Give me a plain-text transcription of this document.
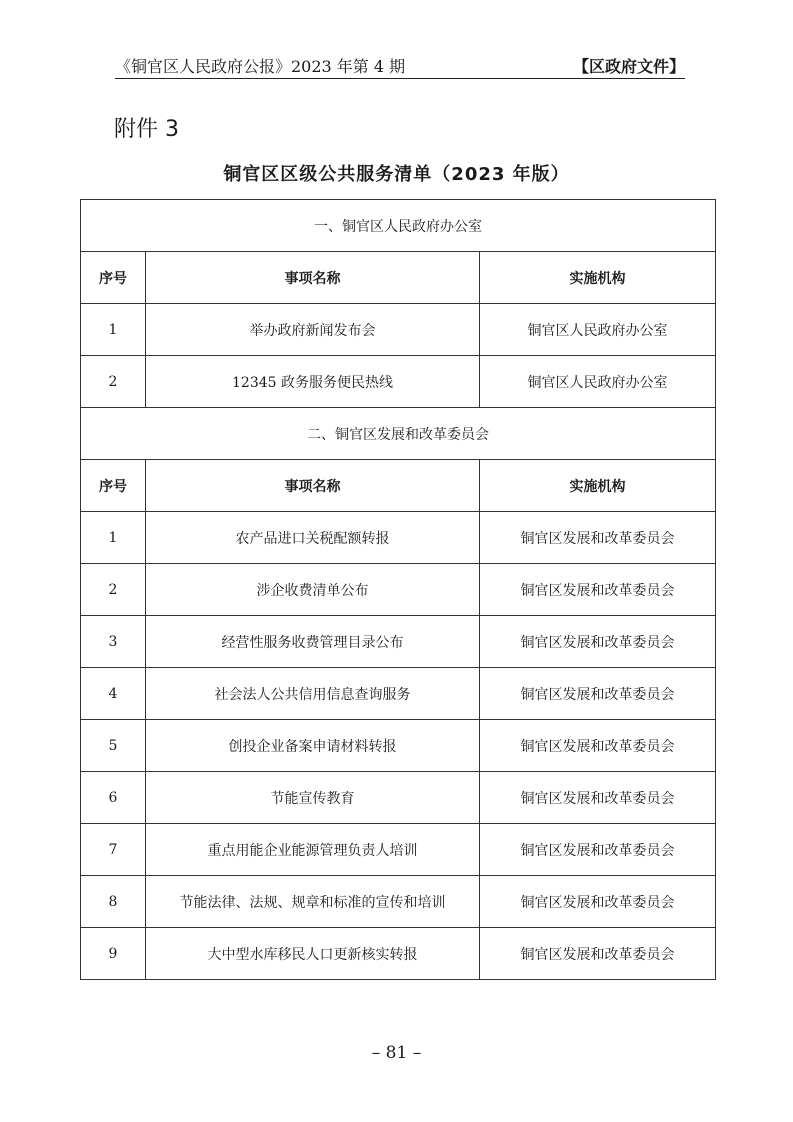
《铜官区人民政府公报》2023 年第 4 期	【区政府文件】
附件 3
铜官区区级公共服务清单（2023 年版）
一、铜官区人民政府办公室		
序号	事项名称	实施机构
1	举办政府新闻发布会	铜官区人民政府办公室
2	12345 政务服务便民热线	铜官区人民政府办公室
二、铜官区发展和改革委员会		
序号	事项名称	实施机构
1	农产品进口关税配额转报	铜官区发展和改革委员会
2	涉企收费清单公布	铜官区发展和改革委员会
3	经营性服务收费管理目录公布	铜官区发展和改革委员会
4	社会法人公共信用信息查询服务	铜官区发展和改革委员会
5	创投企业备案申请材料转报	铜官区发展和改革委员会
6	节能宣传教育	铜官区发展和改革委员会
7	重点用能企业能源管理负责人培训	铜官区发展和改革委员会
8	节能法律、法规、规章和标准的宣传和培训	铜官区发展和改革委员会
9	大中型水库移民人口更新核实转报	铜官区发展和改革委员会
– 81 –
